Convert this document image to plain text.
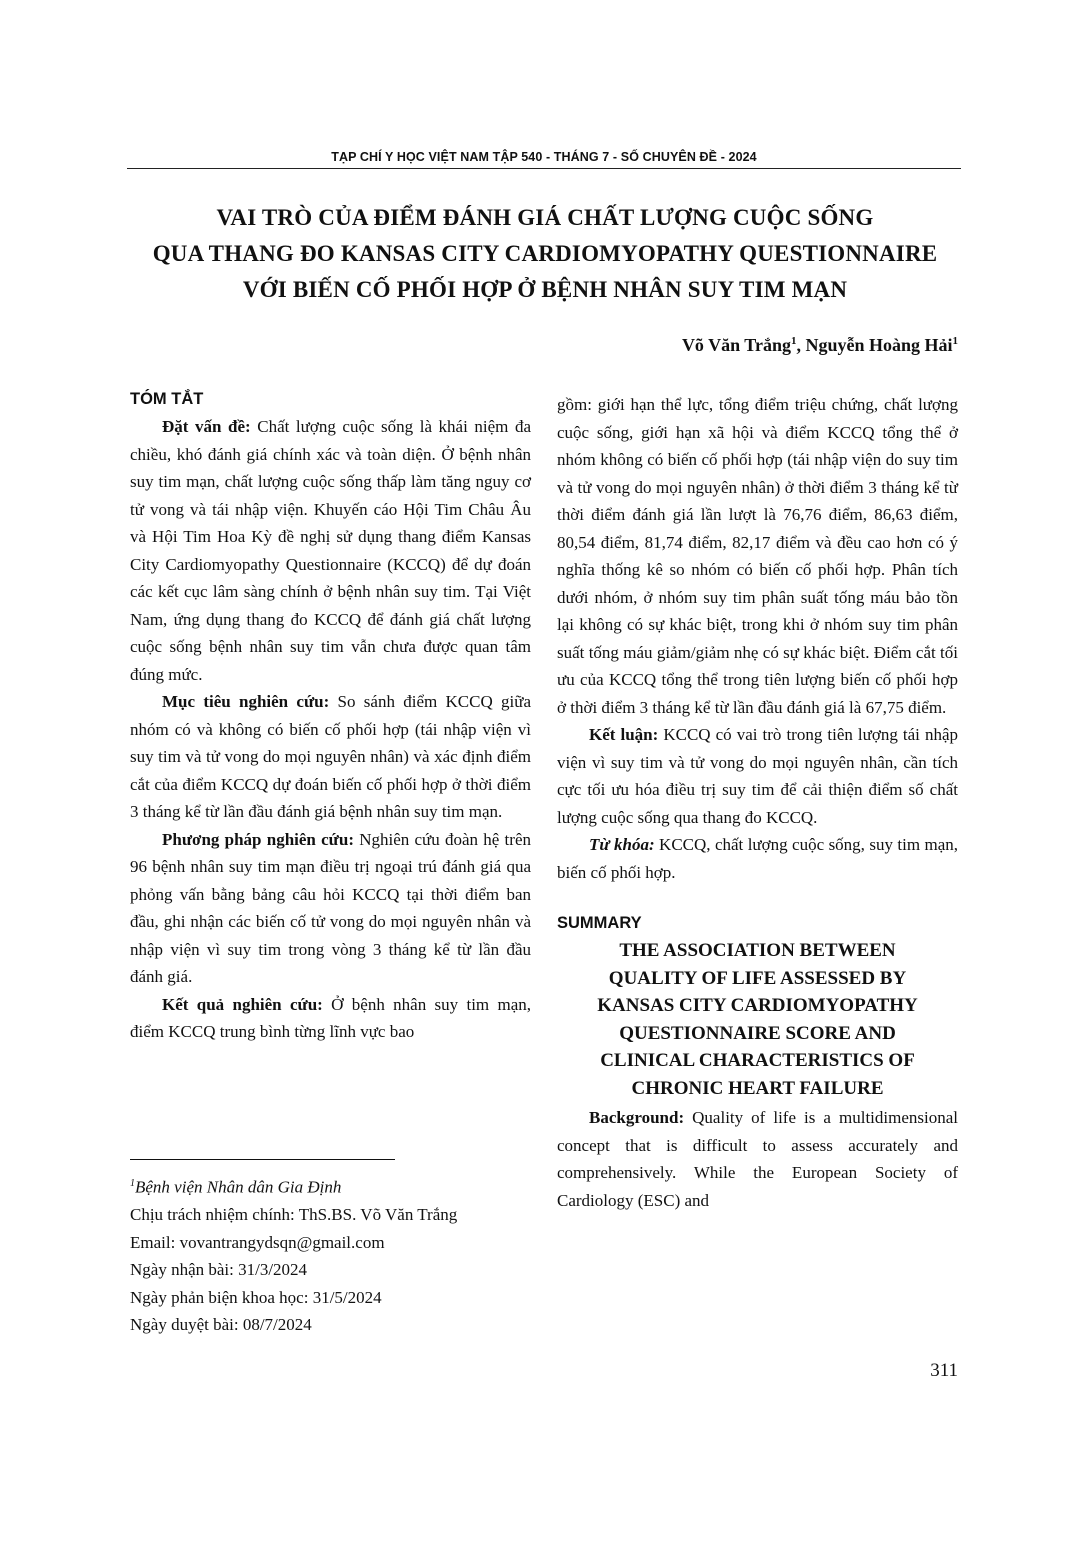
TẠP CHÍ Y HỌC VIỆT NAM TẬP 540 - THÁNG 7 - SỐ CHUYÊN ĐỀ - 2024
VAI TRÒ CỦA ĐIỂM ĐÁNH GIÁ CHẤT LƯỢNG CUỘC SỐNG
QUA THANG ĐO KANSAS CITY CARDIOMYOPATHY QUESTIONNAIRE
VỚI BIẾN CỐ PHỐI HỢP Ở BỆNH NHÂN SUY TIM MẠN
Võ Văn Trắng$^1$, Nguyễn Hoàng Hải$^1$
TÓM TẮT

Đặt vấn đề: Chất lượng cuộc sống là khái niệm đa chiều, khó đánh giá chính xác và toàn diện. Ở bệnh nhân suy tim mạn, chất lượng cuộc sống thấp làm tăng nguy cơ tử vong và tái nhập viện. Khuyến cáo Hội Tim Châu Âu và Hội Tim Hoa Kỳ đề nghị sử dụng thang điểm Kansas City Cardiomyopathy Questionnaire (KCCQ) để dự đoán các kết cục lâm sàng chính ở bệnh nhân suy tim. Tại Việt Nam, ứng dụng thang đo KCCQ để đánh giá chất lượng cuộc sống bệnh nhân suy tim vẫn chưa được quan tâm đúng mức.

Mục tiêu nghiên cứu: So sánh điểm KCCQ giữa nhóm có và không có biến cố phối hợp (tái nhập viện vì suy tim và tử vong do mọi nguyên nhân) và xác định điểm cắt của điểm KCCQ dự đoán biến cố phối hợp ở thời điểm 3 tháng kể từ lần đầu đánh giá bệnh nhân suy tim mạn.

Phương pháp nghiên cứu: Nghiên cứu đoàn hệ trên 96 bệnh nhân suy tim mạn điều trị ngoại trú đánh giá qua phỏng vấn bằng bảng câu hỏi KCCQ tại thời điểm ban đầu, ghi nhận các biến cố tử vong do mọi nguyên nhân và nhập viện vì suy tim trong vòng 3 tháng kể từ lần đầu đánh giá.

Kết quả nghiên cứu: Ở bệnh nhân suy tim mạn, điểm KCCQ trung bình từng lĩnh vực bao

$^1$Bệnh viện Nhân dân Gia Định
Chịu trách nhiệm chính: ThS.BS. Võ Văn Trắng
Email: vovantrangydsqn@gmail.com
Ngày nhận bài: 31/3/2024
Ngày phản biện khoa học: 31/5/2024
Ngày duyệt bài: 08/7/2024

gồm: giới hạn thể lực, tổng điểm triệu chứng, chất lượng cuộc sống, giới hạn xã hội và điểm KCCQ tổng thể ở nhóm không có biến cố phối hợp (tái nhập viện do suy tim và tử vong do mọi nguyên nhân) ở thời điểm 3 tháng kể từ thời điểm đánh giá lần lượt là 76,76 điểm, 86,63 điểm, 80,54 điểm, 81,74 điểm, 82,17 điểm và đều cao hơn có ý nghĩa thống kê so nhóm có biến cố phối hợp. Phân tích dưới nhóm, ở nhóm suy tim phân suất tống máu bảo tồn lại không có sự khác biệt, trong khi ở nhóm suy tim phân suất tống máu giảm/giảm nhẹ có sự khác biệt. Điểm cắt tối ưu của KCCQ tổng thể trong tiên lượng biến cố phối hợp ở thời điểm 3 tháng kể từ lần đầu đánh giá là 67,75 điểm.

Kết luận: KCCQ có vai trò trong tiên lượng tái nhập viện vì suy tim và tử vong do mọi nguyên nhân, cần tích cực tối ưu hóa điều trị suy tim để cải thiện điểm số chất lượng cuộc sống qua thang đo KCCQ.

Từ khóa: KCCQ, chất lượng cuộc sống, suy tim mạn, biến cố phối hợp.

SUMMARY
THE ASSOCIATION BETWEEN
QUALITY OF LIFE ASSESSED BY
KANSAS CITY CARDIOMYOPATHY
QUESTIONNAIRE SCORE AND
CLINICAL CHARACTERISTICS OF
CHRONIC HEART FAILURE

Background: Quality of life is a multidimensional concept that is difficult to assess accurately and comprehensively. While the European Society of Cardiology (ESC) and

311
